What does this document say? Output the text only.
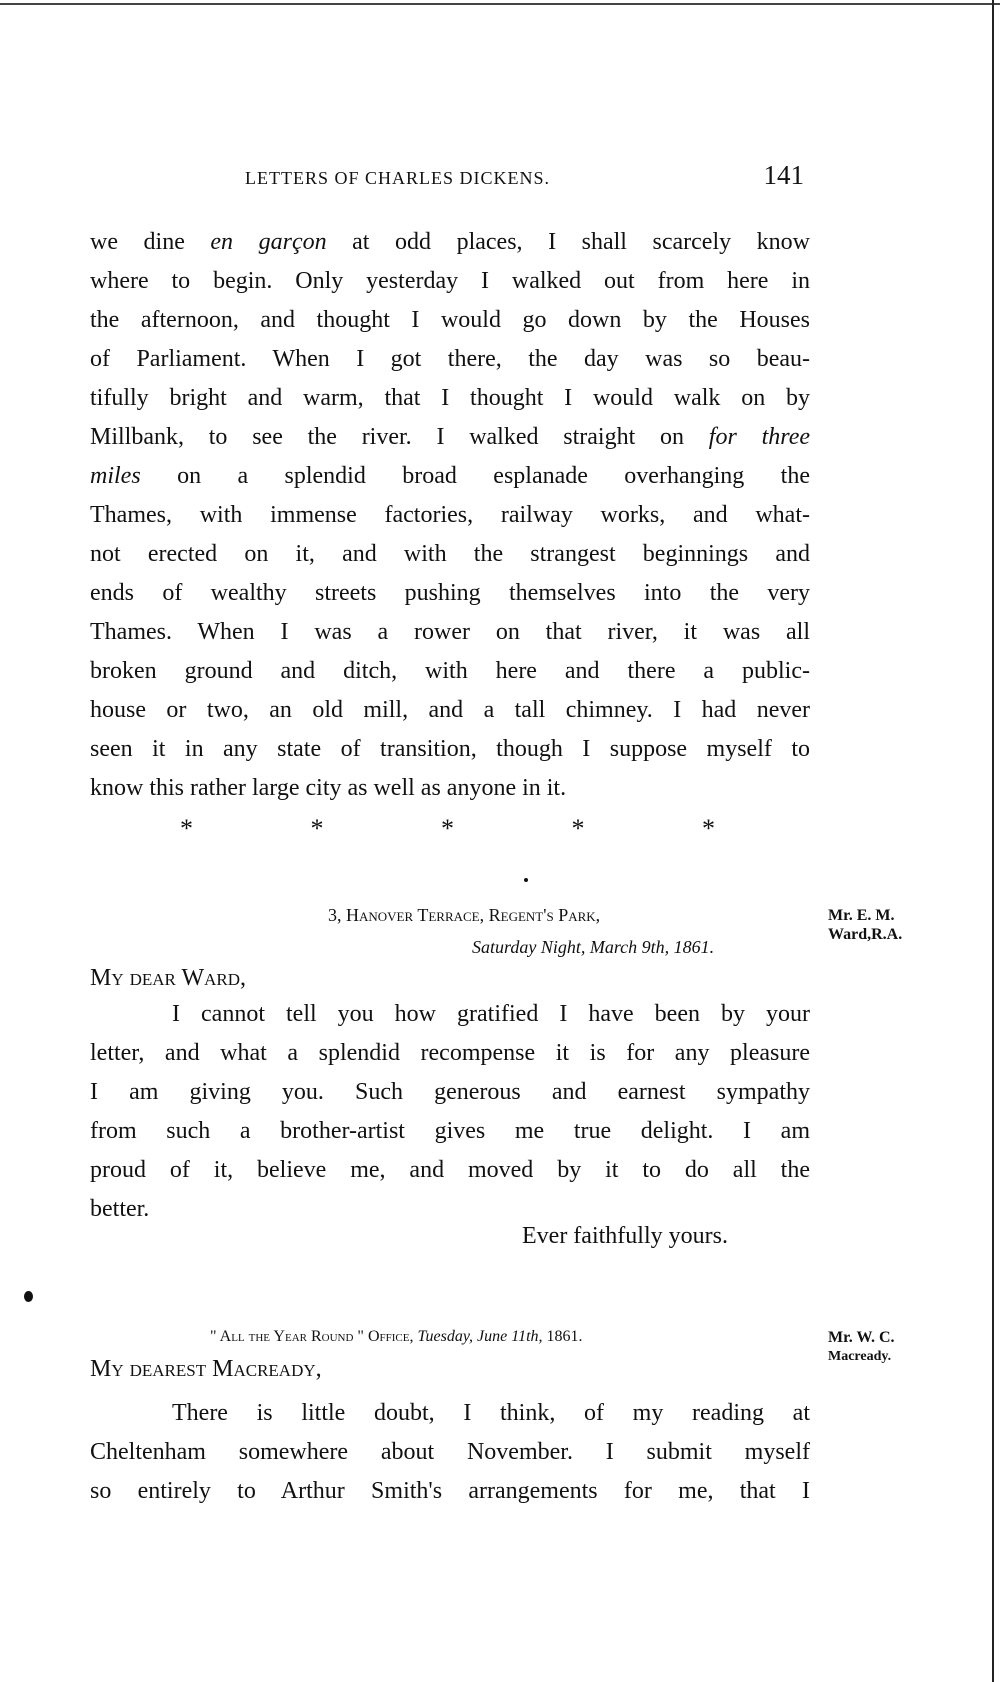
LETTERS OF CHARLES DICKENS.	141
we dine en garçon at odd places, I shall scarcely know
where to begin. Only yesterday I walked out from here in
the afternoon, and thought I would go down by the Houses
of Parliament. When I got there, the day was so beau-
tifully bright and warm, that I thought I would walk on by
Millbank, to see the river. I walked straight on for three
miles on a splendid broad esplanade overhanging the
Thames, with immense factories, railway works, and what-
not erected on it, and with the strangest beginnings and
ends of wealthy streets pushing themselves into the very
Thames. When I was a rower on that river, it was all
broken ground and ditch, with here and there a public-
house or two, an old mill, and a tall chimney. I had never
seen it in any state of transition, though I suppose myself to
know this rather large city as well as anyone in it.
*	*	*	*	*
3, Hanover Terrace, Regent's Park,
Saturday Night, March 9th, 1861.
Mr. E. M.
Ward,R.A.
My dear Ward,
I cannot tell you how gratified I have been by your
letter, and what a splendid recompense it is for any pleasure
I am giving you. Such generous and earnest sympathy
from such a brother-artist gives me true delight. I am
proud of it, believe me, and moved by it to do all the
better.
Ever faithfully yours.
" All the Year Round " Office, Tuesday, June 11th, 1861.	Mr. W. C.
Macready.
My dearest Macready,
There is little doubt, I think, of my reading at
Cheltenham somewhere about November. I submit myself
so entirely to Arthur Smith's arrangements for me, that I
